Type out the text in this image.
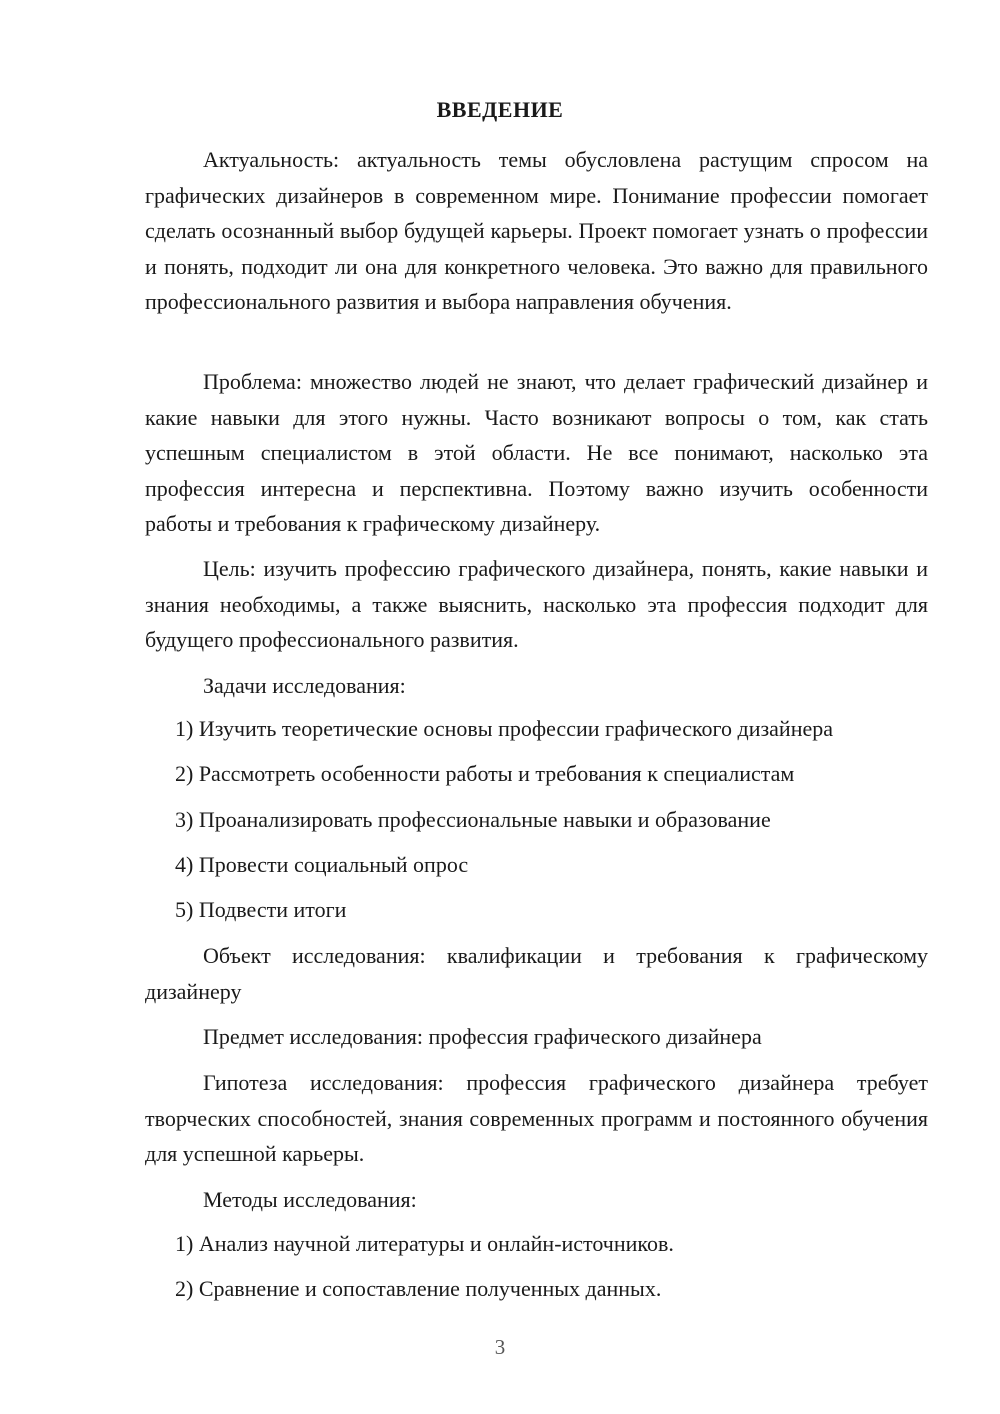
ВВЕДЕНИЕ

Актуальность: актуальность темы обусловлена растущим спросом на графических дизайнеров в современном мире. Понимание профессии помогает сделать осознанный выбор будущей карьеры. Проект помогает узнать о профессии и понять, подходит ли она для конкретного человека. Это важно для правильного профессионального развития и выбора направления обучения.

Проблема: множество людей не знают, что делает графический дизайнер и какие навыки для этого нужны. Часто возникают вопросы о том, как стать успешным специалистом в этой области. Не все понимают, насколько эта профессия интересна и перспективна. Поэтому важно изучить особенности работы и требования к графическому дизайнеру.

Цель: изучить профессию графического дизайнера, понять, какие навыки и знания необходимы, а также выяснить, насколько эта профессия подходит для будущего профессионального развития.

Задачи исследования:

1) Изучить теоретические основы профессии графического дизайнера
2) Рассмотреть особенности работы и требования к специалистам
3) Проанализировать профессиональные навыки и образование
4) Провести социальный опрос
5) Подвести итоги

Объект исследования: квалификации и требования к графическому дизайнеру

Предмет исследования: профессия графического дизайнера

Гипотеза исследования: профессия графического дизайнера требует творческих способностей, знания современных программ и постоянного обучения для успешной карьеры.

Методы исследования:

1) Анализ научной литературы и онлайн-источников.
2) Сравнение и сопоставление полученных данных.
3
